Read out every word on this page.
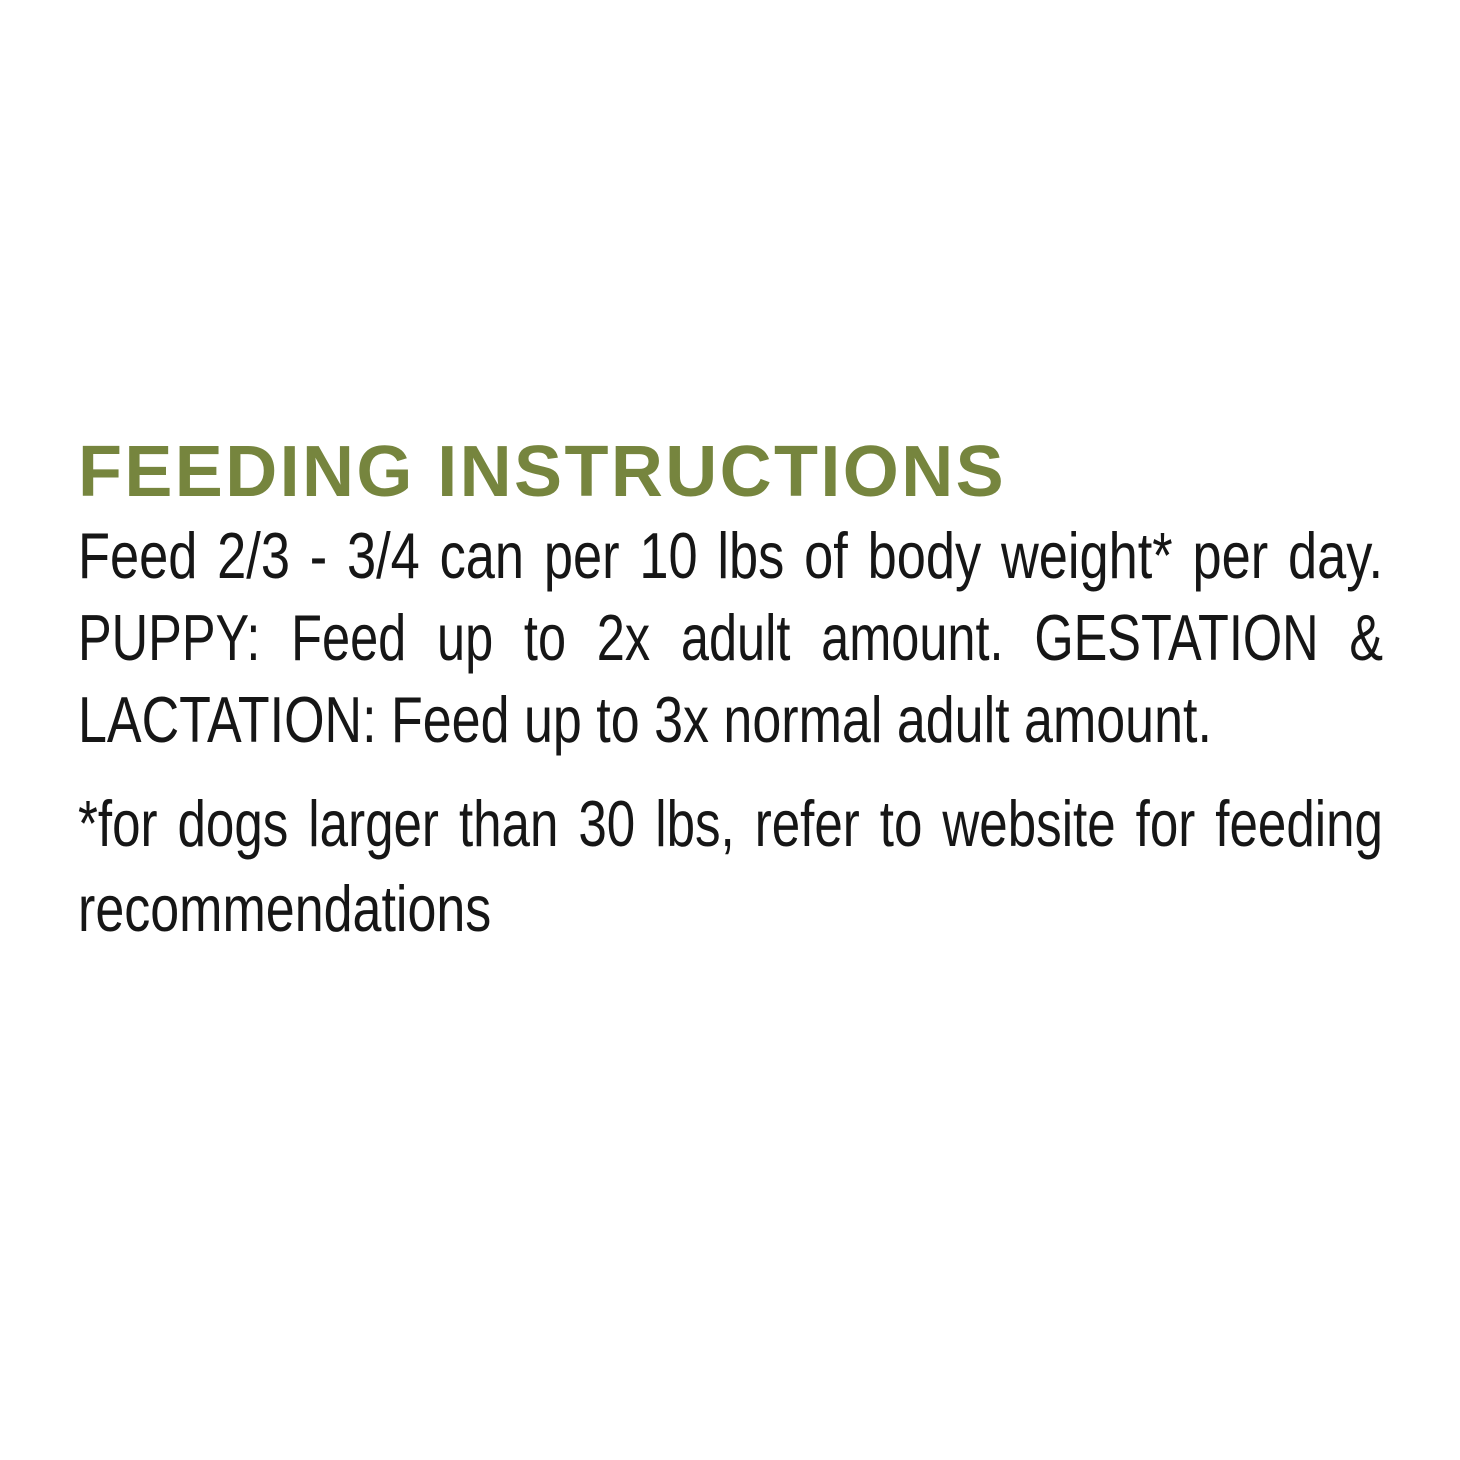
FEEDING INSTRUCTIONS
Feed 2/3 - 3/4 can per 10 lbs of body weight* per day.
PUPPY: Feed up to 2x adult amount. GESTATION &
LACTATION: Feed up to 3x normal adult amount.
*for dogs larger than 30 lbs, refer to website for feeding
recommendations
